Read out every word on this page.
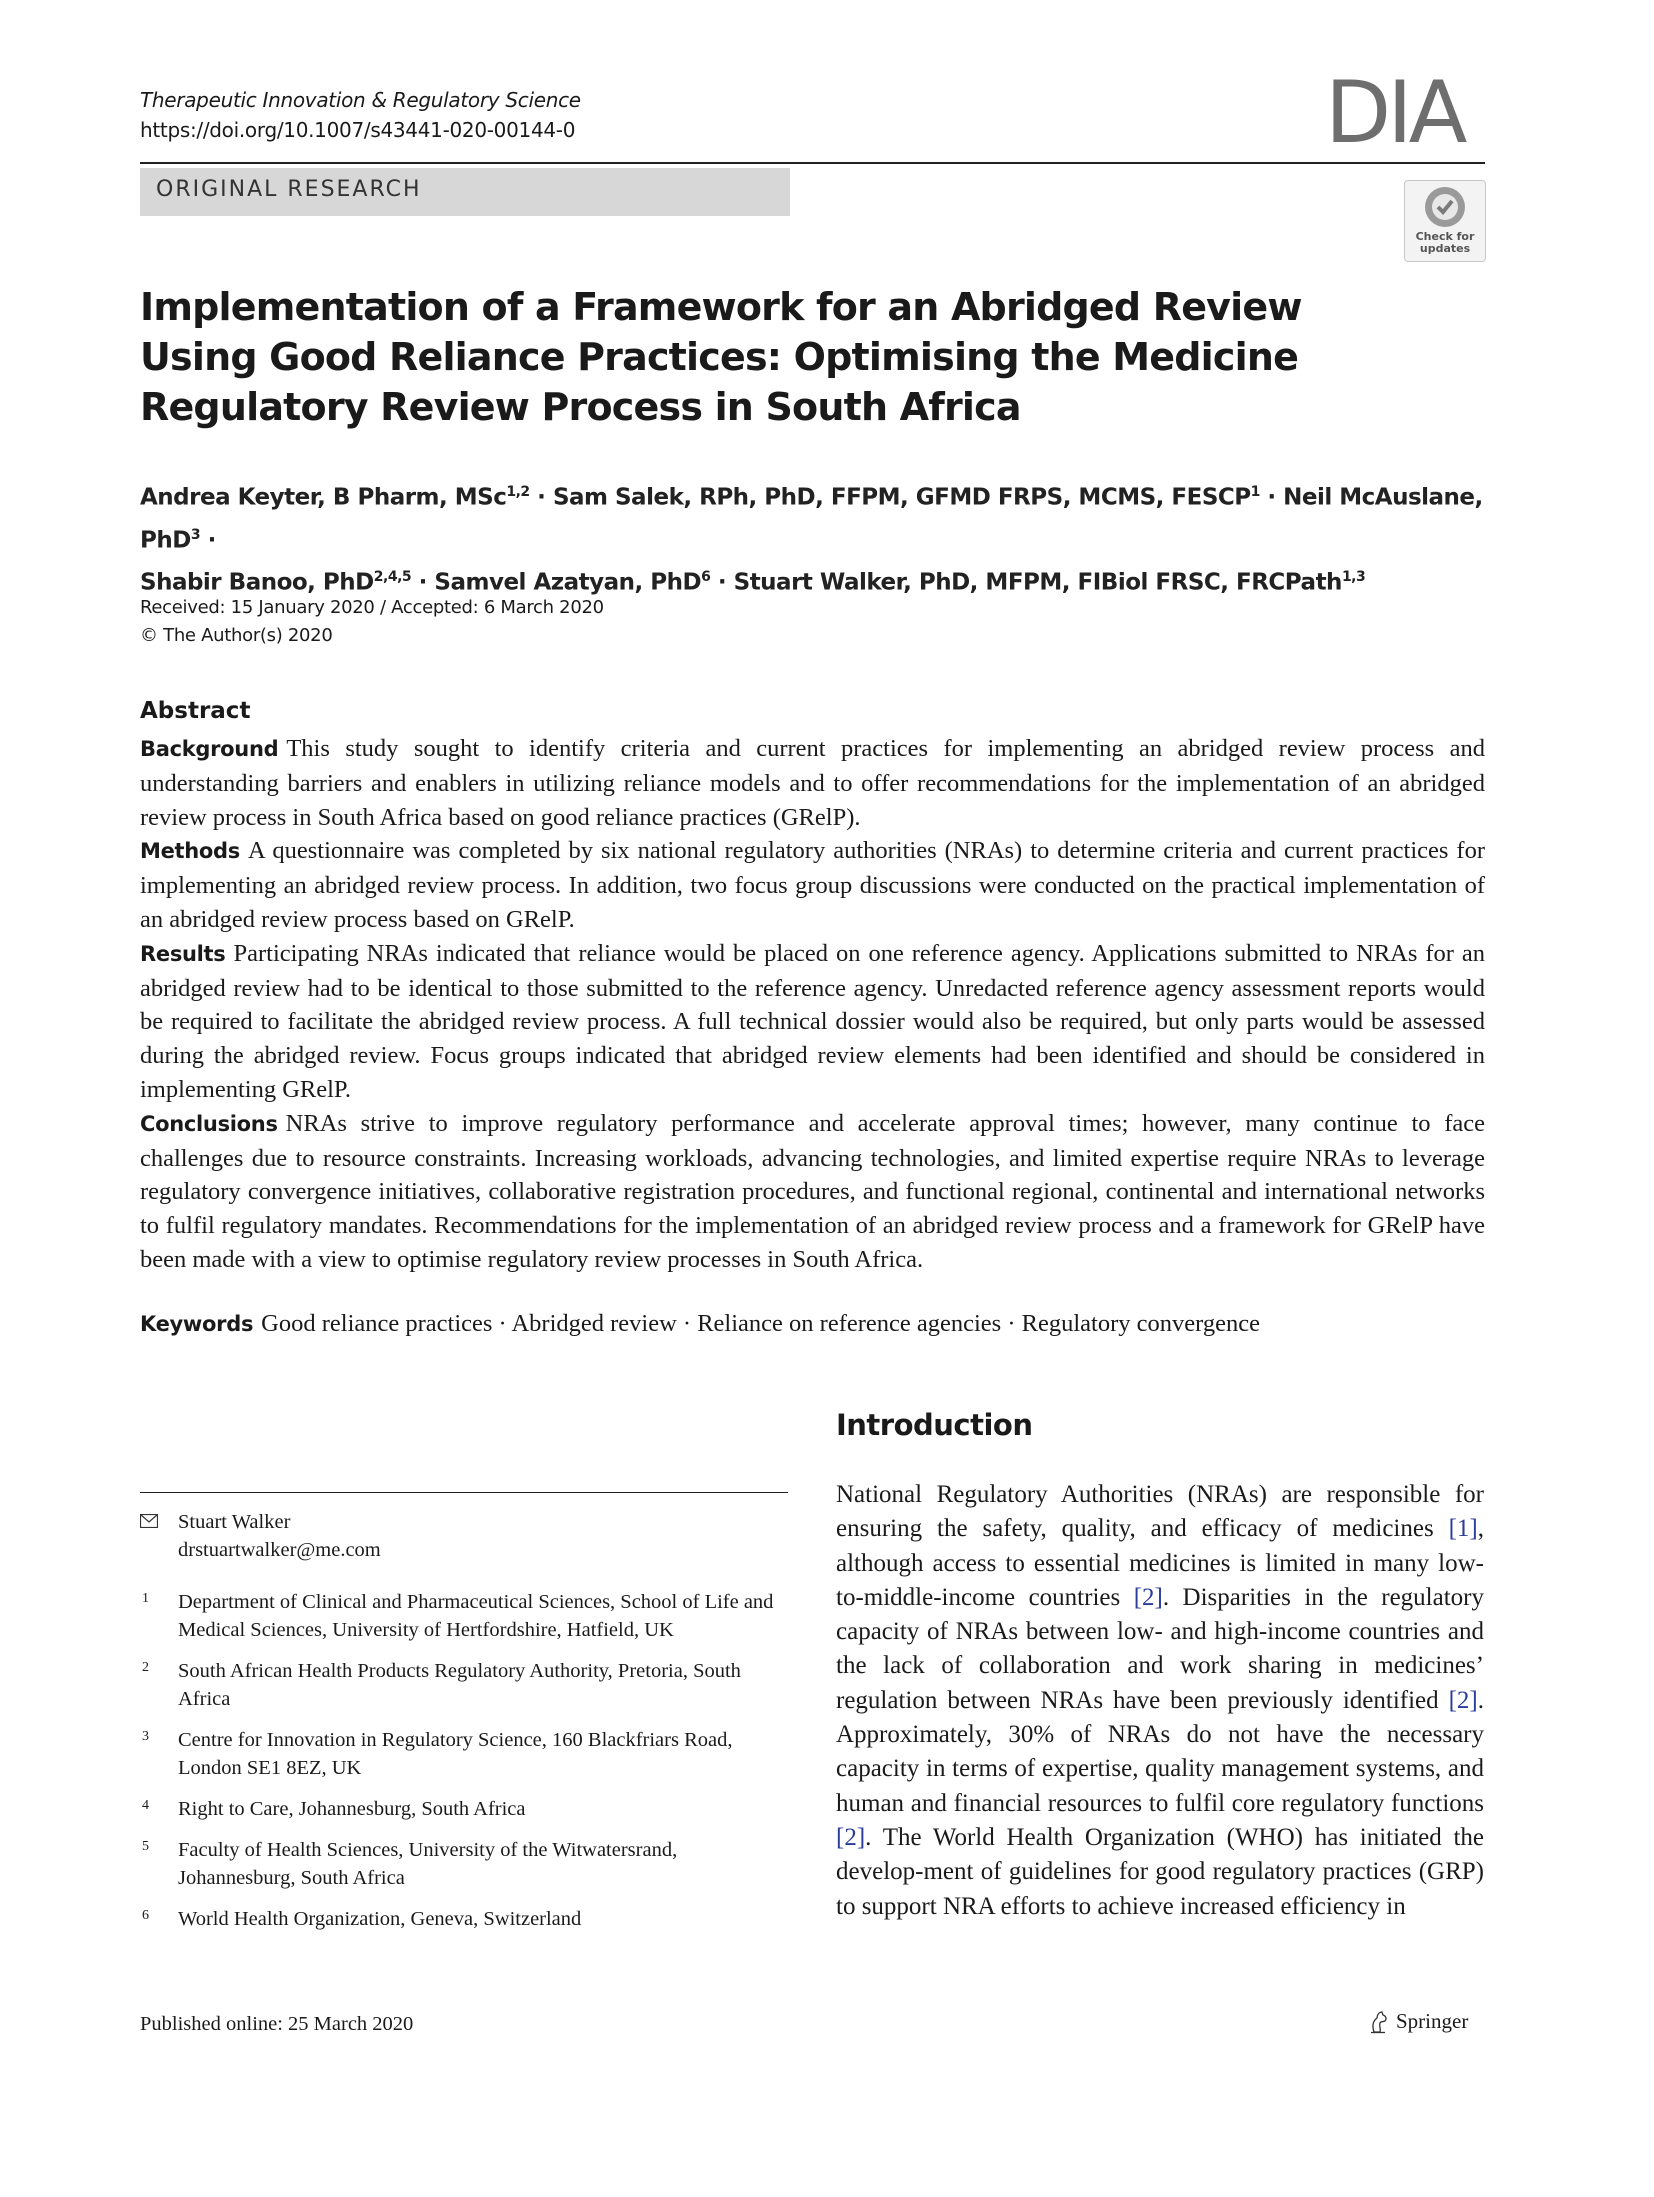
Therapeutic Innovation & Regulatory Science
https://doi.org/10.1007/s43441-020-00144-0	DIA
ORIGINAL RESEARCH
Check for
updates
Implementation of a Framework for an Abridged Review Using Good Reliance Practices: Optimising the Medicine Regulatory Review Process in South Africa
Andrea Keyter, B Pharm, MSc$^{1,2}$ · Sam Salek, RPh, PhD, FFPM, GFMD FRPS, MCMS, $FESCP^1$ · Neil McAuslane, PhD$^3$ ·
Shabir Banoo, PhD$^{2,4,5}$ · Samvel Azatyan, PhD$^6$ · Stuart Walker, PhD, MFPM, FIBiol FRSC, FRCPath$^{1,3}$
Received: 15 January 2020 / Accepted: 6 March 2020
© The Author(s) 2020
Abstract

Background This study sought to identify criteria and current practices for implementing an abridged review process and understanding barriers and enablers in utilizing reliance models and to offer recommendations for the implementation of an abridged review process in South Africa based on good reliance practices (GRelP).

Methods A questionnaire was completed by six national regulatory authorities (NRAs) to determine criteria and current practices for implementing an abridged review process. In addition, two focus group discussions were conducted on the practical implementation of an abridged review process based on GRelP.

Results Participating NRAs indicated that reliance would be placed on one reference agency. Applications submitted to NRAs for an abridged review had to be identical to those submitted to the reference agency. Unredacted reference agency assessment reports would be required to facilitate the abridged review process. A full technical dossier would also be required, but only parts would be assessed during the abridged review. Focus groups indicated that abridged review elements had been identified and should be considered in implementing GRelP.

Conclusions NRAs strive to improve regulatory performance and accelerate approval times; however, many continue to face challenges due to resource constraints. Increasing workloads, advancing technologies, and limited expertise require NRAs to leverage regulatory convergence initiatives, collaborative registration procedures, and functional regional, continental and international networks to fulfil regulatory mandates. Recommendations for the implementation of an abridged review process and a framework for GRelP have been made with a view to optimise regulatory review processes in South Africa.

Keywords Good reliance practices · Abridged review · Reliance on reference agencies · Regulatory convergence
Introduction
National Regulatory Authorities (NRAs) are responsible for ensuring the safety, quality, and efficacy of medicines [1], although access to essential medicines is limited in many low-to-middle-income countries [2]. Disparities in the regulatory capacity of NRAs between low- and high-income countries and the lack of collaboration and work sharing in medicines’ regulation between NRAs have been previously identified [2]. Approximately, 30% of NRAs do not have the necessary capacity in terms of expertise, quality management systems, and human and financial resources to fulfil core regulatory functions [2]. The World Health Organization (WHO) has initiated the develop-ment of guidelines for good regulatory practices (GRP) to support NRA efforts to achieve increased efficiency in
Stuart Walker
drstuartwalker@me.com
1 Department of Clinical and Pharmaceutical Sciences, School of Life and Medical Sciences, University of Hertfordshire, Hatfield, UK
2 South African Health Products Regulatory Authority, Pretoria, South Africa
3 Centre for Innovation in Regulatory Science, 160 Blackfriars Road, London SE1 8EZ, UK
4 Right to Care, Johannesburg, South Africa
5 Faculty of Health Sciences, University of the Witwatersrand, Johannesburg, South Africa
6 World Health Organization, Geneva, Switzerland
Published online: 25 March 2020	Springer
